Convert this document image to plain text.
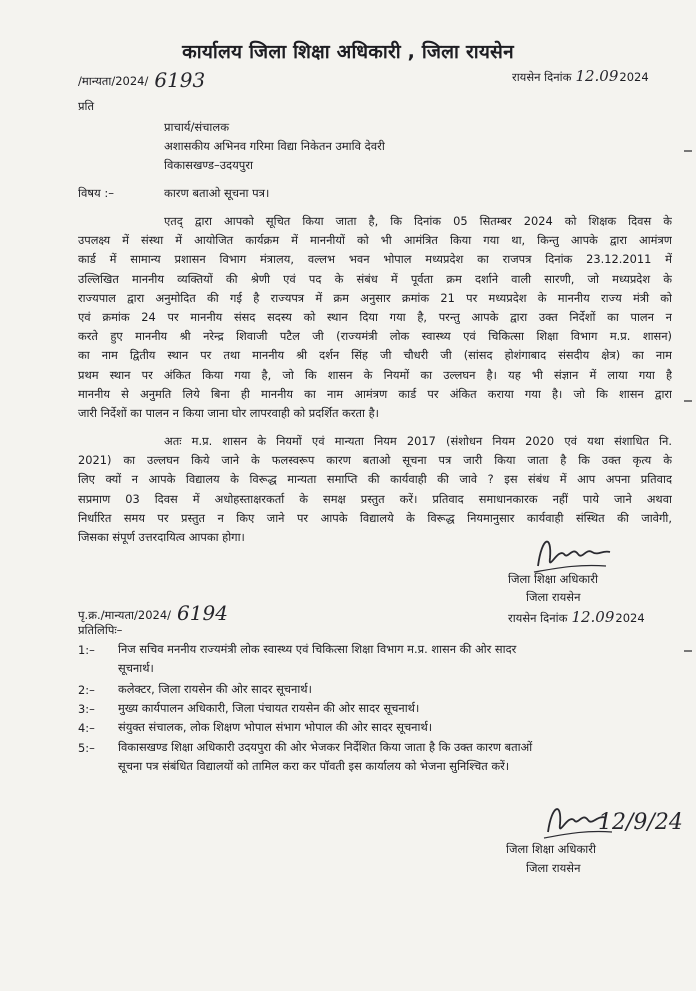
कार्यालय जिला शिक्षा अधिकारी , जिला रायसेन
/मान्यता/2024/ 6193	रायसेन दिनांक 12.092024
प्रति
प्राचार्य/संचालक
अशासकीय अभिनव गरिमा विद्या निकेतन उमावि देवरी
विकासखण्ड–उदयपुरा
विषय :–	कारण बताओ सूचना पत्र।
एतद् द्वारा आपको सूचित किया जाता है, कि दिनांक 05 सितम्बर 2024 को शिक्षक दिवस के
उपलक्ष्य में संस्था में आयोजित कार्यक्रम में माननीयों को भी आमंत्रित किया गया था, किन्तु आपके द्वारा आमंत्रण
कार्ड में सामान्य प्रशासन विभाग मंत्रालय, वल्लभ भवन भोपाल मध्यप्रदेश का राजपत्र दिनांक 23.12.2011 में
उल्लिखित माननीय व्यक्तियों की श्रेणी एवं पद के संबंध में पूर्वता क्रम दर्शाने वाली सारणी, जो मध्यप्रदेश के
राज्यपाल द्वारा अनुमोदित की गई है राज्यपत्र में क्रम अनुसार क्रमांक 21 पर मध्यप्रदेश के माननीय राज्य मंत्री को
एवं क्रमांक 24 पर माननीय संसद सदस्य को स्थान दिया गया है, परन्तु आपके द्वारा उक्त निर्देशों का पालन न
करते हुए माननीय श्री नरेन्द्र शिवाजी पटैल जी (राज्यमंत्री लोक स्वास्थ्य एवं चिकित्सा शिक्षा विभाग म.प्र. शासन)
का नाम द्वितीय स्थान पर तथा माननीय श्री दर्शन सिंह जी चौधरी जी (सांसद होशंगाबाद संसदीय क्षेत्र) का नाम
प्रथम स्थान पर अंकित किया गया है, जो कि शासन के नियमों का उल्लघन है। यह भी संज्ञान में लाया गया है
माननीय से अनुमति लिये बिना ही माननीय का नाम आमंत्रण कार्ड पर अंकित कराया गया है। जो कि शासन द्वारा
जारी निर्देशों का पालन न किया जाना घोर लापरवाही को प्रदर्शित करता है।
अतः म.प्र. शासन के नियमों एवं मान्यता नियम 2017 (संशोधन नियम 2020 एवं यथा संशाधित नि.
2021) का उल्लघन किये जाने के फलस्वरूप कारण बताओ सूचना पत्र जारी किया जाता है कि उक्त कृत्य के
लिए क्यों न आपके विद्यालय के विरूद्ध मान्यता समाप्ति की कार्यवाही की जावे ? इस संबंध में आप अपना प्रतिवाद
सप्रमाण 03 दिवस में अधोहस्ताक्षरकर्ता के समक्ष प्रस्तुत करें। प्रतिवाद समाधानकारक नहीं पाये जाने अथवा
निर्धारित समय पर प्रस्तुत न किए जाने पर आपके विद्यालये के विरूद्ध नियमानुसार कार्यवाही संस्थित की जावेगी,
जिसका संपूर्ण उत्तरदायित्व आपका होगा।
जिला शिक्षा अधिकारी
जिला रायसेन
पृ.क्र./मान्यता/2024/ 6194	रायसेन दिनांक 12.092024
प्रतिलिपिः–
1:– निज सचिव मननीय राज्यमंत्री लोक स्वास्थ्य एवं चिकित्सा शिक्षा विभाग म.प्र. शासन की ओर सादर
सूचनार्थ।
2:– कलेक्टर, जिला रायसेन की ओर सादर सूचनार्थ।
3:– मुख्य कार्यपालन अधिकारी, जिला पंचायत रायसेन की ओर सादर सूचनार्थ।
4:– संयुक्त संचालक, लोक शिक्षण भोपाल संभाग भोपाल की ओर सादर सूचनार्थ।
5:– विकासखण्ड शिक्षा अधिकारी उदयपुरा की ओर भेजकर निर्देशित किया जाता है कि उक्त कारण बताओं
सूचना पत्र संबंधित विद्यालयों को तामिल करा कर पॉवती इस कार्यालय को भेजना सुनिश्चित करें।
12/9/24
जिला शिक्षा अधिकारी
जिला रायसेन
